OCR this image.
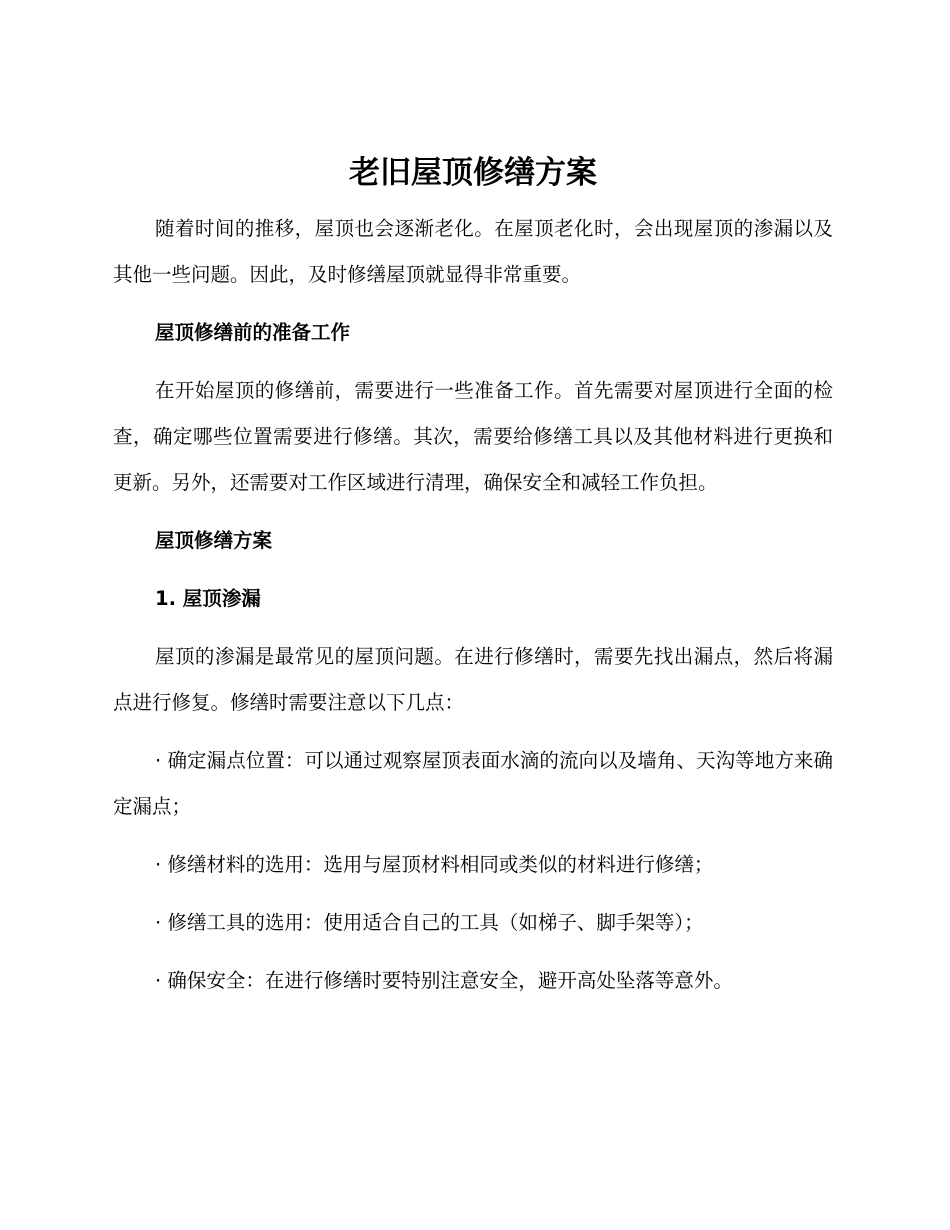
老旧屋顶修缮方案

随着时间的推移，屋顶也会逐渐老化。在屋顶老化时，会出现屋顶的渗漏以及其他一些问题。因此，及时修缮屋顶就显得非常重要。

屋顶修缮前的准备工作

在开始屋顶的修缮前，需要进行一些准备工作。首先需要对屋顶进行全面的检查，确定哪些位置需要进行修缮。其次，需要给修缮工具以及其他材料进行更换和更新。另外，还需要对工作区域进行清理，确保安全和减轻工作负担。

屋顶修缮方案

1. 屋顶渗漏

屋顶的渗漏是最常见的屋顶问题。在进行修缮时，需要先找出漏点，然后将漏点进行修复。修缮时需要注意以下几点：

· 确定漏点位置：可以通过观察屋顶表面水滴的流向以及墙角、天沟等地方来确定漏点；

· 修缮材料的选用：选用与屋顶材料相同或类似的材料进行修缮；

· 修缮工具的选用：使用适合自己的工具（如梯子、脚手架等）；

· 确保安全：在进行修缮时要特别注意安全，避开高处坠落等意外。
